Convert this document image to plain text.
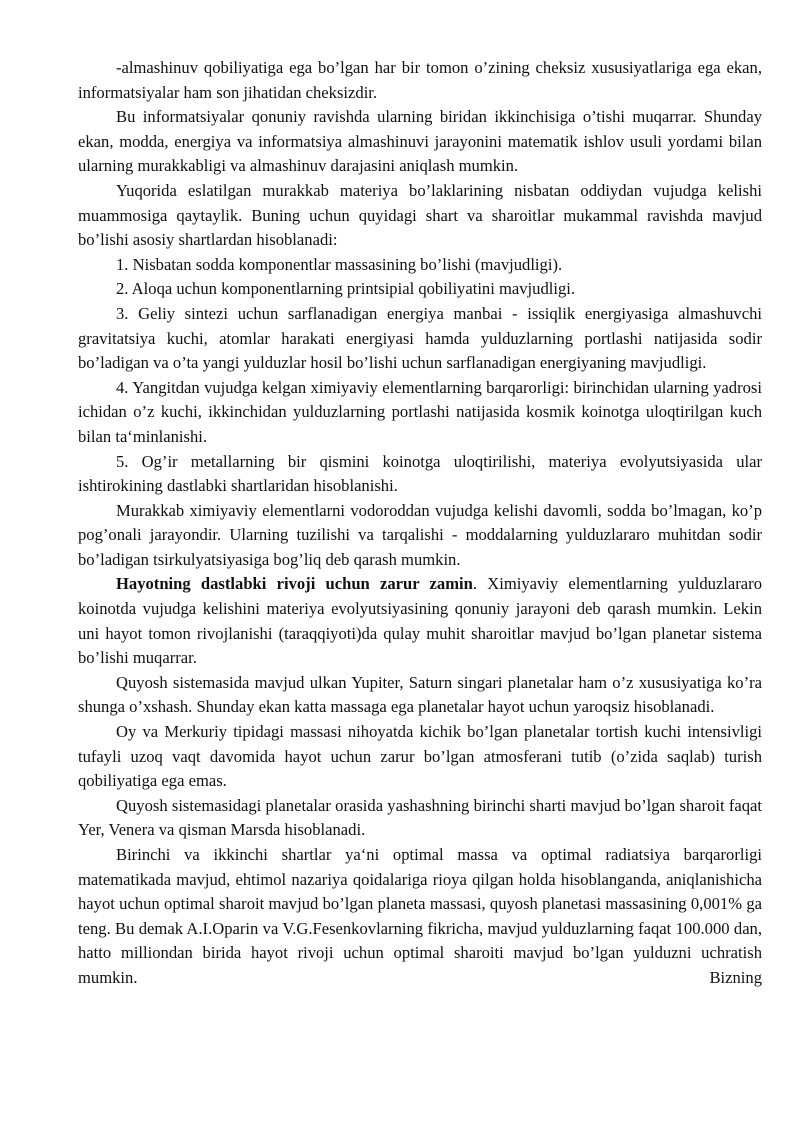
-almashinuv qobiliyatiga ega bo’lgan har bir tomon o’zining cheksiz xususiyatlariga ega ekan, informatsiyalar ham son jihatidan cheksizdir.

Bu informatsiyalar qonuniy ravishda ularning biridan ikkinchisiga o’tishi muqarrar. Shunday ekan, modda, energiya va informatsiya almashinuvi jarayonini matematik ishlov usuli yordami bilan ularning murakkabligi va almashinuv darajasini aniqlash mumkin.

Yuqorida eslatilgan murakkab materiya bo’laklarining nisbatan oddiydan vujudga kelishi muammosiga qaytaylik. Buning uchun quyidagi shart va sharoitlar mukammal ravishda mavjud bo’lishi asosiy shartlardan hisoblanadi:

1. Nisbatan sodda komponentlar massasining bo’lishi (mavjudligi).

2. Aloqa uchun komponentlarning printsipial qobiliyatini mavjudligi.

3. Geliy sintezi uchun sarflanadigan energiya manbai - issiqlik energiyasiga almashuvchi gravitatsiya kuchi, atomlar harakati energiyasi hamda yulduzlarning portlashi natijasida sodir bo’ladigan va o’ta yangi yulduzlar hosil bo’lishi uchun sarflanadigan energiyaning mavjudligi.

4. Yangitdan vujudga kelgan ximiyaviy elementlarning barqarorligi: birinchidan ularning yadrosi ichidan o’z kuchi, ikkinchidan yulduzlarning portlashi natijasida kosmik koinotga uloqtirilgan kuch bilan ta‘minlanishi.

5. Og’ir metallarning bir qismini koinotga uloqtirilishi, materiya evolyutsiyasida ular ishtirokining dastlabki shartlaridan hisoblanishi.

Murakkab ximiyaviy elementlarni vodoroddan vujudga kelishi davomli, sodda bo’lmagan, ko’p pog’onali jarayondir. Ularning tuzilishi va tarqalishi - moddalarning yulduzlararo muhitdan sodir bo’ladigan tsirkulyatsiyasiga bog’liq deb qarash mumkin.

Hayotning dastlabki rivoji uchun zarur zamin. Ximiyaviy elementlarning yulduzlararo koinotda vujudga kelishini materiya evolyutsiyasining qonuniy jarayoni deb qarash mumkin. Lekin uni hayot tomon rivojlanishi (taraqqiyoti)da qulay muhit sharoitlar mavjud bo’lgan planetar sistema bo’lishi muqarrar.

Quyosh sistemasida mavjud ulkan Yupiter, Saturn singari planetalar ham o’z xususiyatiga ko’ra shunga o’xshash. Shunday ekan katta massaga ega planetalar hayot uchun yaroqsiz hisoblanadi.

Oy va Merkuriy tipidagi massasi nihoyatda kichik bo’lgan planetalar tortish kuchi intensivligi tufayli uzoq vaqt davomida hayot uchun zarur bo’lgan atmosferani tutib (o’zida saqlab) turish qobiliyatiga ega emas.

Quyosh sistemasidagi planetalar orasida yashashning birinchi sharti mavjud bo’lgan sharoit faqat Yer, Venera va qisman Marsda hisoblanadi.

Birinchi va ikkinchi shartlar ya‘ni optimal massa va optimal radiatsiya barqarorligi matematikada mavjud, ehtimol nazariya qoidalariga rioya qilgan holda hisoblanganda, aniqlanishicha hayot uchun optimal sharoit mavjud bo’lgan planeta massasi, quyosh planetasi massasining 0,001% ga teng. Bu demak A.I.Oparin va V.G.Fesenkovlarning fikricha, mavjud yulduzlarning faqat 100.000 dan, hatto milliondan birida hayot rivoji uchun optimal sharoiti mavjud bo’lgan yulduzni uchratish mumkin. Bizning
